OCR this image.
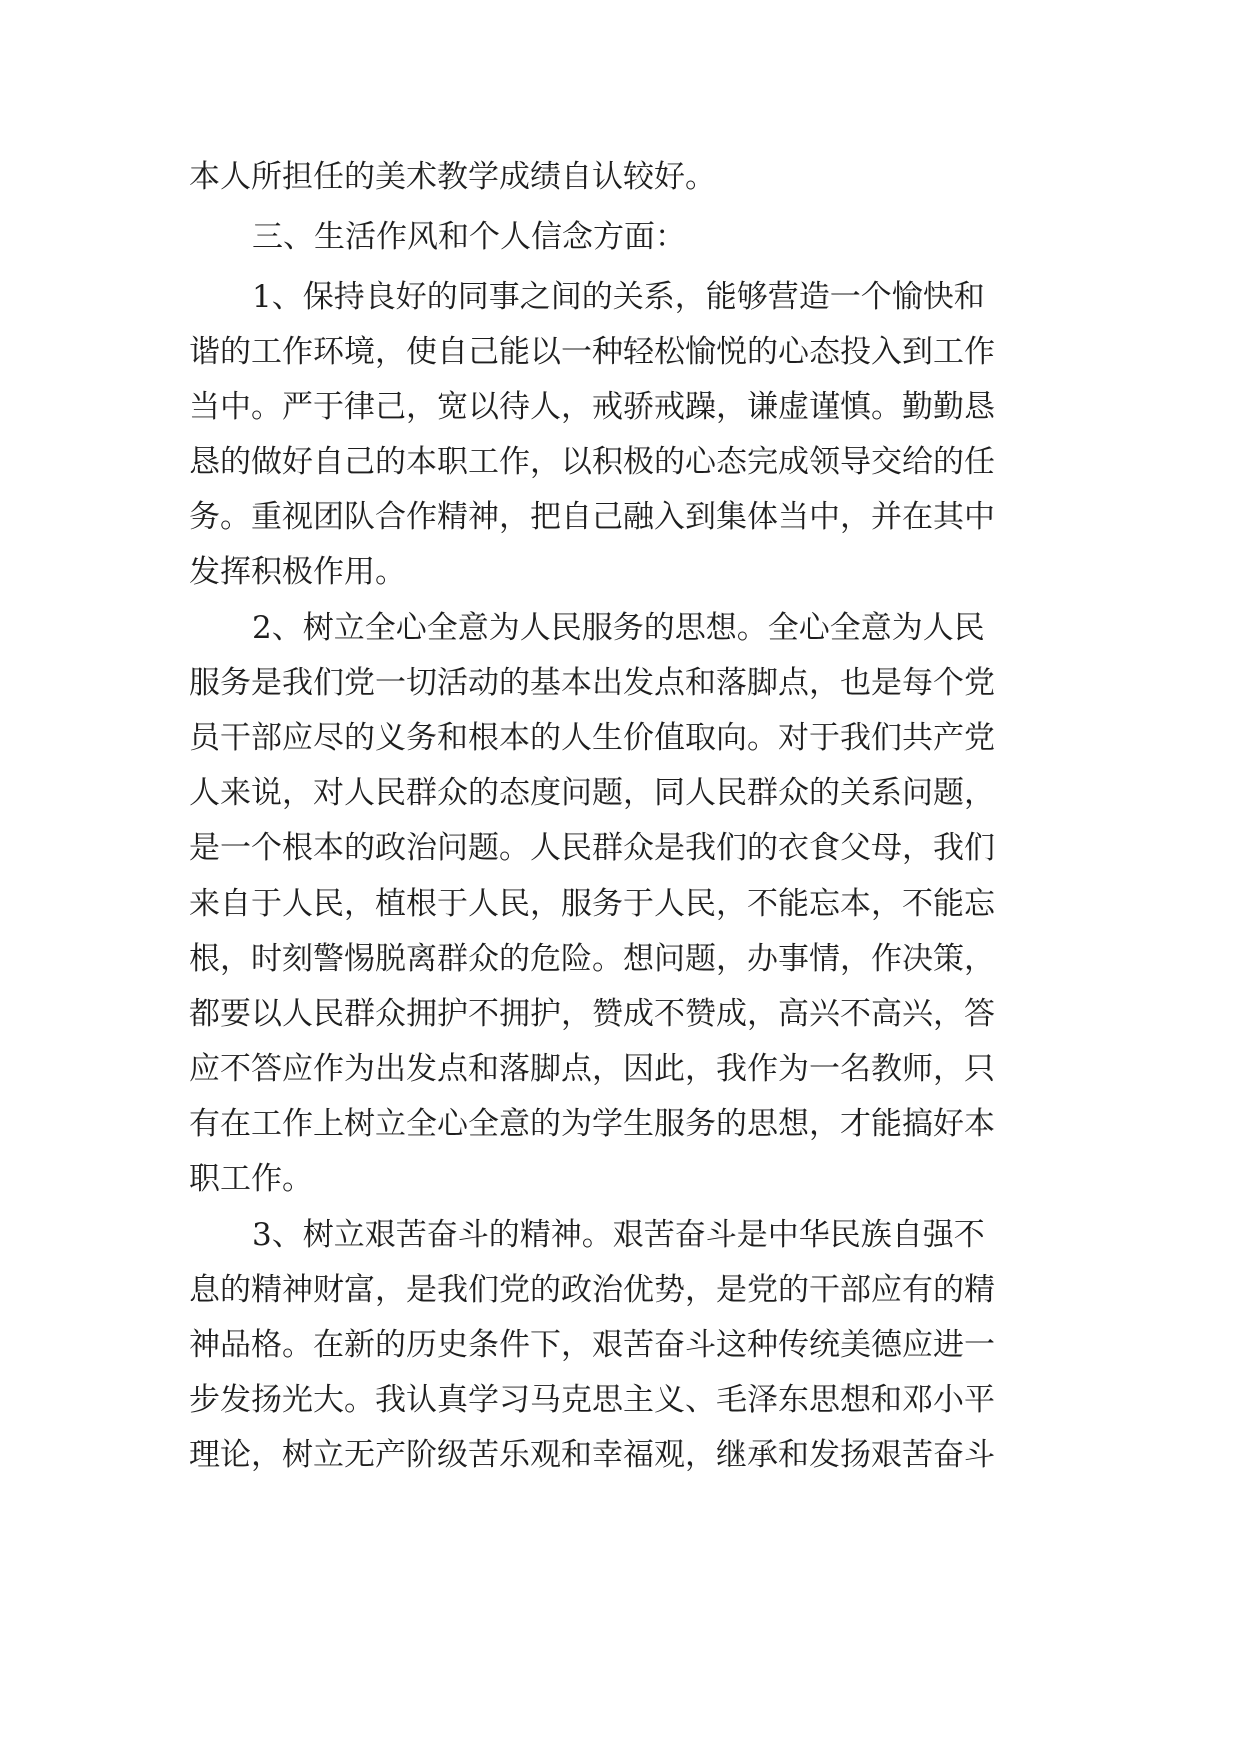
本人所担任的美术教学成绩自认较好。
三、生活作风和个人信念方面：
1、保持良好的同事之间的关系，能够营造一个愉快和
谐的工作环境，使自己能以一种轻松愉悦的心态投入到工作
当中。严于律己，宽以待人，戒骄戒躁，谦虚谨慎。勤勤恳
恳的做好自己的本职工作，以积极的心态完成领导交给的任
务。重视团队合作精神，把自己融入到集体当中，并在其中
发挥积极作用。
2、树立全心全意为人民服务的思想。全心全意为人民
服务是我们党一切活动的基本出发点和落脚点，也是每个党
员干部应尽的义务和根本的人生价值取向。对于我们共产党
人来说，对人民群众的态度问题，同人民群众的关系问题，
是一个根本的政治问题。人民群众是我们的衣食父母，我们
来自于人民，植根于人民，服务于人民，不能忘本，不能忘
根，时刻警惕脱离群众的危险。想问题，办事情，作决策，
都要以人民群众拥护不拥护，赞成不赞成，高兴不高兴，答
应不答应作为出发点和落脚点，因此，我作为一名教师，只
有在工作上树立全心全意的为学生服务的思想，才能搞好本
职工作。
3、树立艰苦奋斗的精神。艰苦奋斗是中华民族自强不
息的精神财富，是我们党的政治优势，是党的干部应有的精
神品格。在新的历史条件下，艰苦奋斗这种传统美德应进一
步发扬光大。我认真学习马克思主义、毛泽东思想和邓小平
理论，树立无产阶级苦乐观和幸福观，继承和发扬艰苦奋斗
